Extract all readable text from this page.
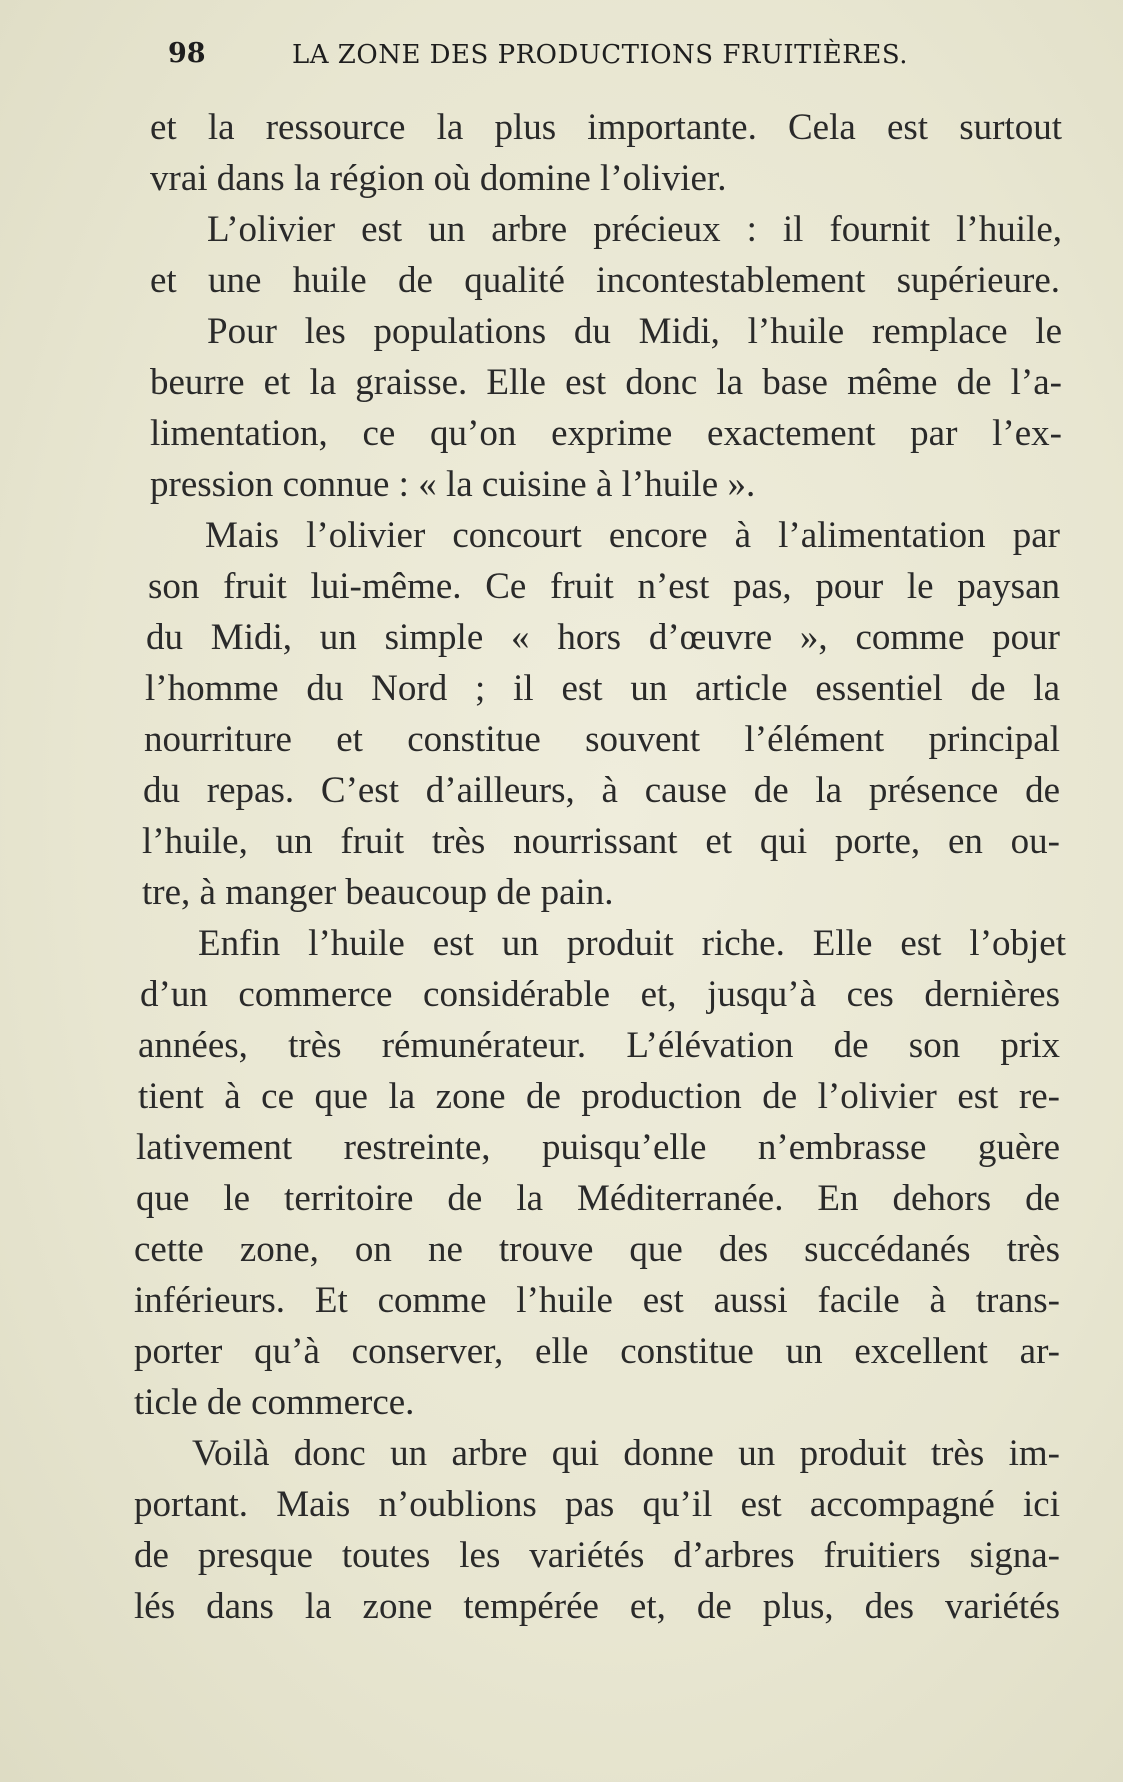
98	LA ZONE DES PRODUCTIONS FRUITIÈRES.
et la ressource la plus importante. Cela est surtout
vrai dans la région où domine l’olivier.
L’olivier est un arbre précieux : il fournit l’huile,
et une huile de qualité incontestablement supérieure.
Pour les populations du Midi, l’huile remplace le
beurre et la graisse. Elle est donc la base même de l’a-
limentation, ce qu’on exprime exactement par l’ex-
pression connue : « la cuisine à l’huile ».
Mais l’olivier concourt encore à l’alimentation par
son fruit lui-même. Ce fruit n’est pas, pour le paysan
du Midi, un simple « hors d’œuvre », comme pour
l’homme du Nord ; il est un article essentiel de la
nourriture et constitue souvent l’élément principal
du repas. C’est d’ailleurs, à cause de la présence de
l’huile, un fruit très nourrissant et qui porte, en ou-
tre, à manger beaucoup de pain.
Enfin l’huile est un produit riche. Elle est l’objet
d’un commerce considérable et, jusqu’à ces dernières
années, très rémunérateur. L’élévation de son prix
tient à ce que la zone de production de l’olivier est re-
lativement restreinte, puisqu’elle n’embrasse guère
que le territoire de la Méditerranée. En dehors de
cette zone, on ne trouve que des succédanés très
inférieurs. Et comme l’huile est aussi facile à trans-
porter qu’à conserver, elle constitue un excellent ar-
ticle de commerce.
Voilà donc un arbre qui donne un produit très im-
portant. Mais n’oublions pas qu’il est accompagné ici
de presque toutes les variétés d’arbres fruitiers signa-
lés dans la zone tempérée et, de plus, des variétés
